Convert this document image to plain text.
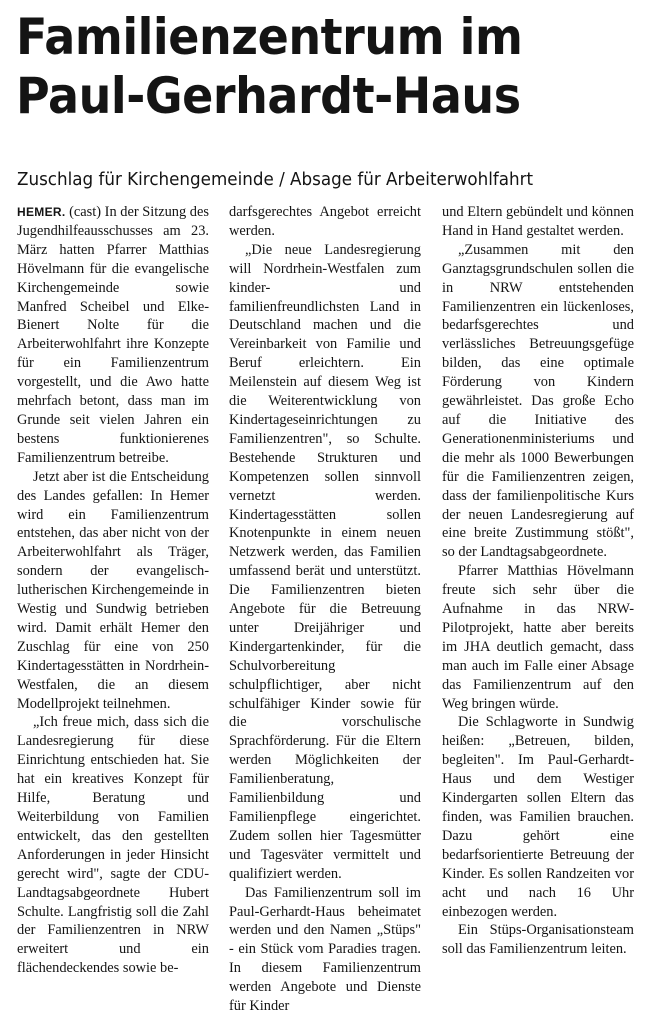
Familienzentrum im
Paul-Gerhardt-Haus
Zuschlag für Kirchengemeinde / Absage für Arbeiterwohlfahrt

HEMER. (cast) In der Sitzung des Jugendhilfeausschusses am 23. März hatten Pfarrer Matthias Hövelmann für die evangelische Kirchengemeinde sowie Manfred Scheibel und Elke-Bienert Nolte für die Arbeiterwohlfahrt ihre Konzepte für ein Familienzentrum vorgestellt, und die Awo hatte mehrfach betont, dass man im Grunde seit vielen Jahren ein bestens funktionierenes Familienzentrum betreibe.

Jetzt aber ist die Entscheidung des Landes gefallen: In Hemer wird ein Familienzentrum entstehen, das aber nicht von der Arbeiterwohlfahrt als Träger, sondern der evangelisch-lutherischen Kirchengemeinde in Westig und Sundwig betrieben wird. Damit erhält Hemer den Zuschlag für eine von 250 Kindertagesstätten in Nordrhein-Westfalen, die an diesem Modellprojekt teilnehmen.

„Ich freue mich, dass sich die Landesregierung für diese Einrichtung entschieden hat. Sie hat ein kreatives Konzept für Hilfe, Beratung und Weiterbildung von Familien entwickelt, das den gestellten Anforderungen in jeder Hinsicht gerecht wird", sagte der CDU-Landtagsabgeordnete Hubert Schulte. Langfristig soll die Zahl der Familienzentren in NRW erweitert und ein flächendeckendes sowie be-

darfsgerechtes Angebot erreicht werden.

„Die neue Landesregierung will Nordrhein-Westfalen zum kinder- und familienfreundlichsten Land in Deutschland machen und die Vereinbarkeit von Familie und Beruf erleichtern. Ein Meilenstein auf diesem Weg ist die Weiterentwicklung von Kindertageseinrichtungen zu Familienzentren", so Schulte. Bestehende Strukturen und Kompetenzen sollen sinnvoll vernetzt werden. Kindertagesstätten sollen Knotenpunkte in einem neuen Netzwerk werden, das Familien umfassend berät und unterstützt. Die Familienzentren bieten Angebote für die Betreuung unter Dreijähriger und Kindergartenkinder, für die Schulvorbereitung schulpflichtiger, aber nicht schulfähiger Kinder sowie für die vorschulische Sprachförderung. Für die Eltern werden Möglichkeiten der Familienberatung, Familienbildung und Familienpflege eingerichtet. Zudem sollen hier Tagesmütter und Tagesväter vermittelt und qualifiziert werden.

Das Familienzentrum soll im Paul-Gerhardt-Haus beheimatet werden und den Namen „Stüps" - ein Stück vom Paradies tragen. In diesem Familienzentrum werden Angebote und Dienste für Kinder

und Eltern gebündelt und können Hand in Hand gestaltet werden.

„Zusammen mit den Ganztagsgrundschulen sollen die in NRW entstehenden Familienzentren ein lückenloses, bedarfsgerechtes und verlässliches Betreuungsgefüge bilden, das eine optimale Förderung von Kindern gewährleistet. Das große Echo auf die Initiative des Generationenministeriums und die mehr als 1000 Bewerbungen für die Familienzentren zeigen, dass der familienpolitische Kurs der neuen Landesregierung auf eine breite Zustimmung stößt", so der Landtagsabgeordnete.

Pfarrer Matthias Hövelmann freute sich sehr über die Aufnahme in das NRW-Pilotprojekt, hatte aber bereits im JHA deutlich gemacht, dass man auch im Falle einer Absage das Familienzentrum auf den Weg bringen würde.

Die Schlagworte in Sundwig heißen: „Betreuen, bilden, begleiten". Im Paul-Gerhardt-Haus und dem Westiger Kindergarten sollen Eltern das finden, was Familien brauchen. Dazu gehört eine bedarfsorientierte Betreuung der Kinder. Es sollen Randzeiten vor acht und nach 16 Uhr einbezogen werden.

Ein Stüps-Organisationsteam soll das Familienzentrum leiten.
